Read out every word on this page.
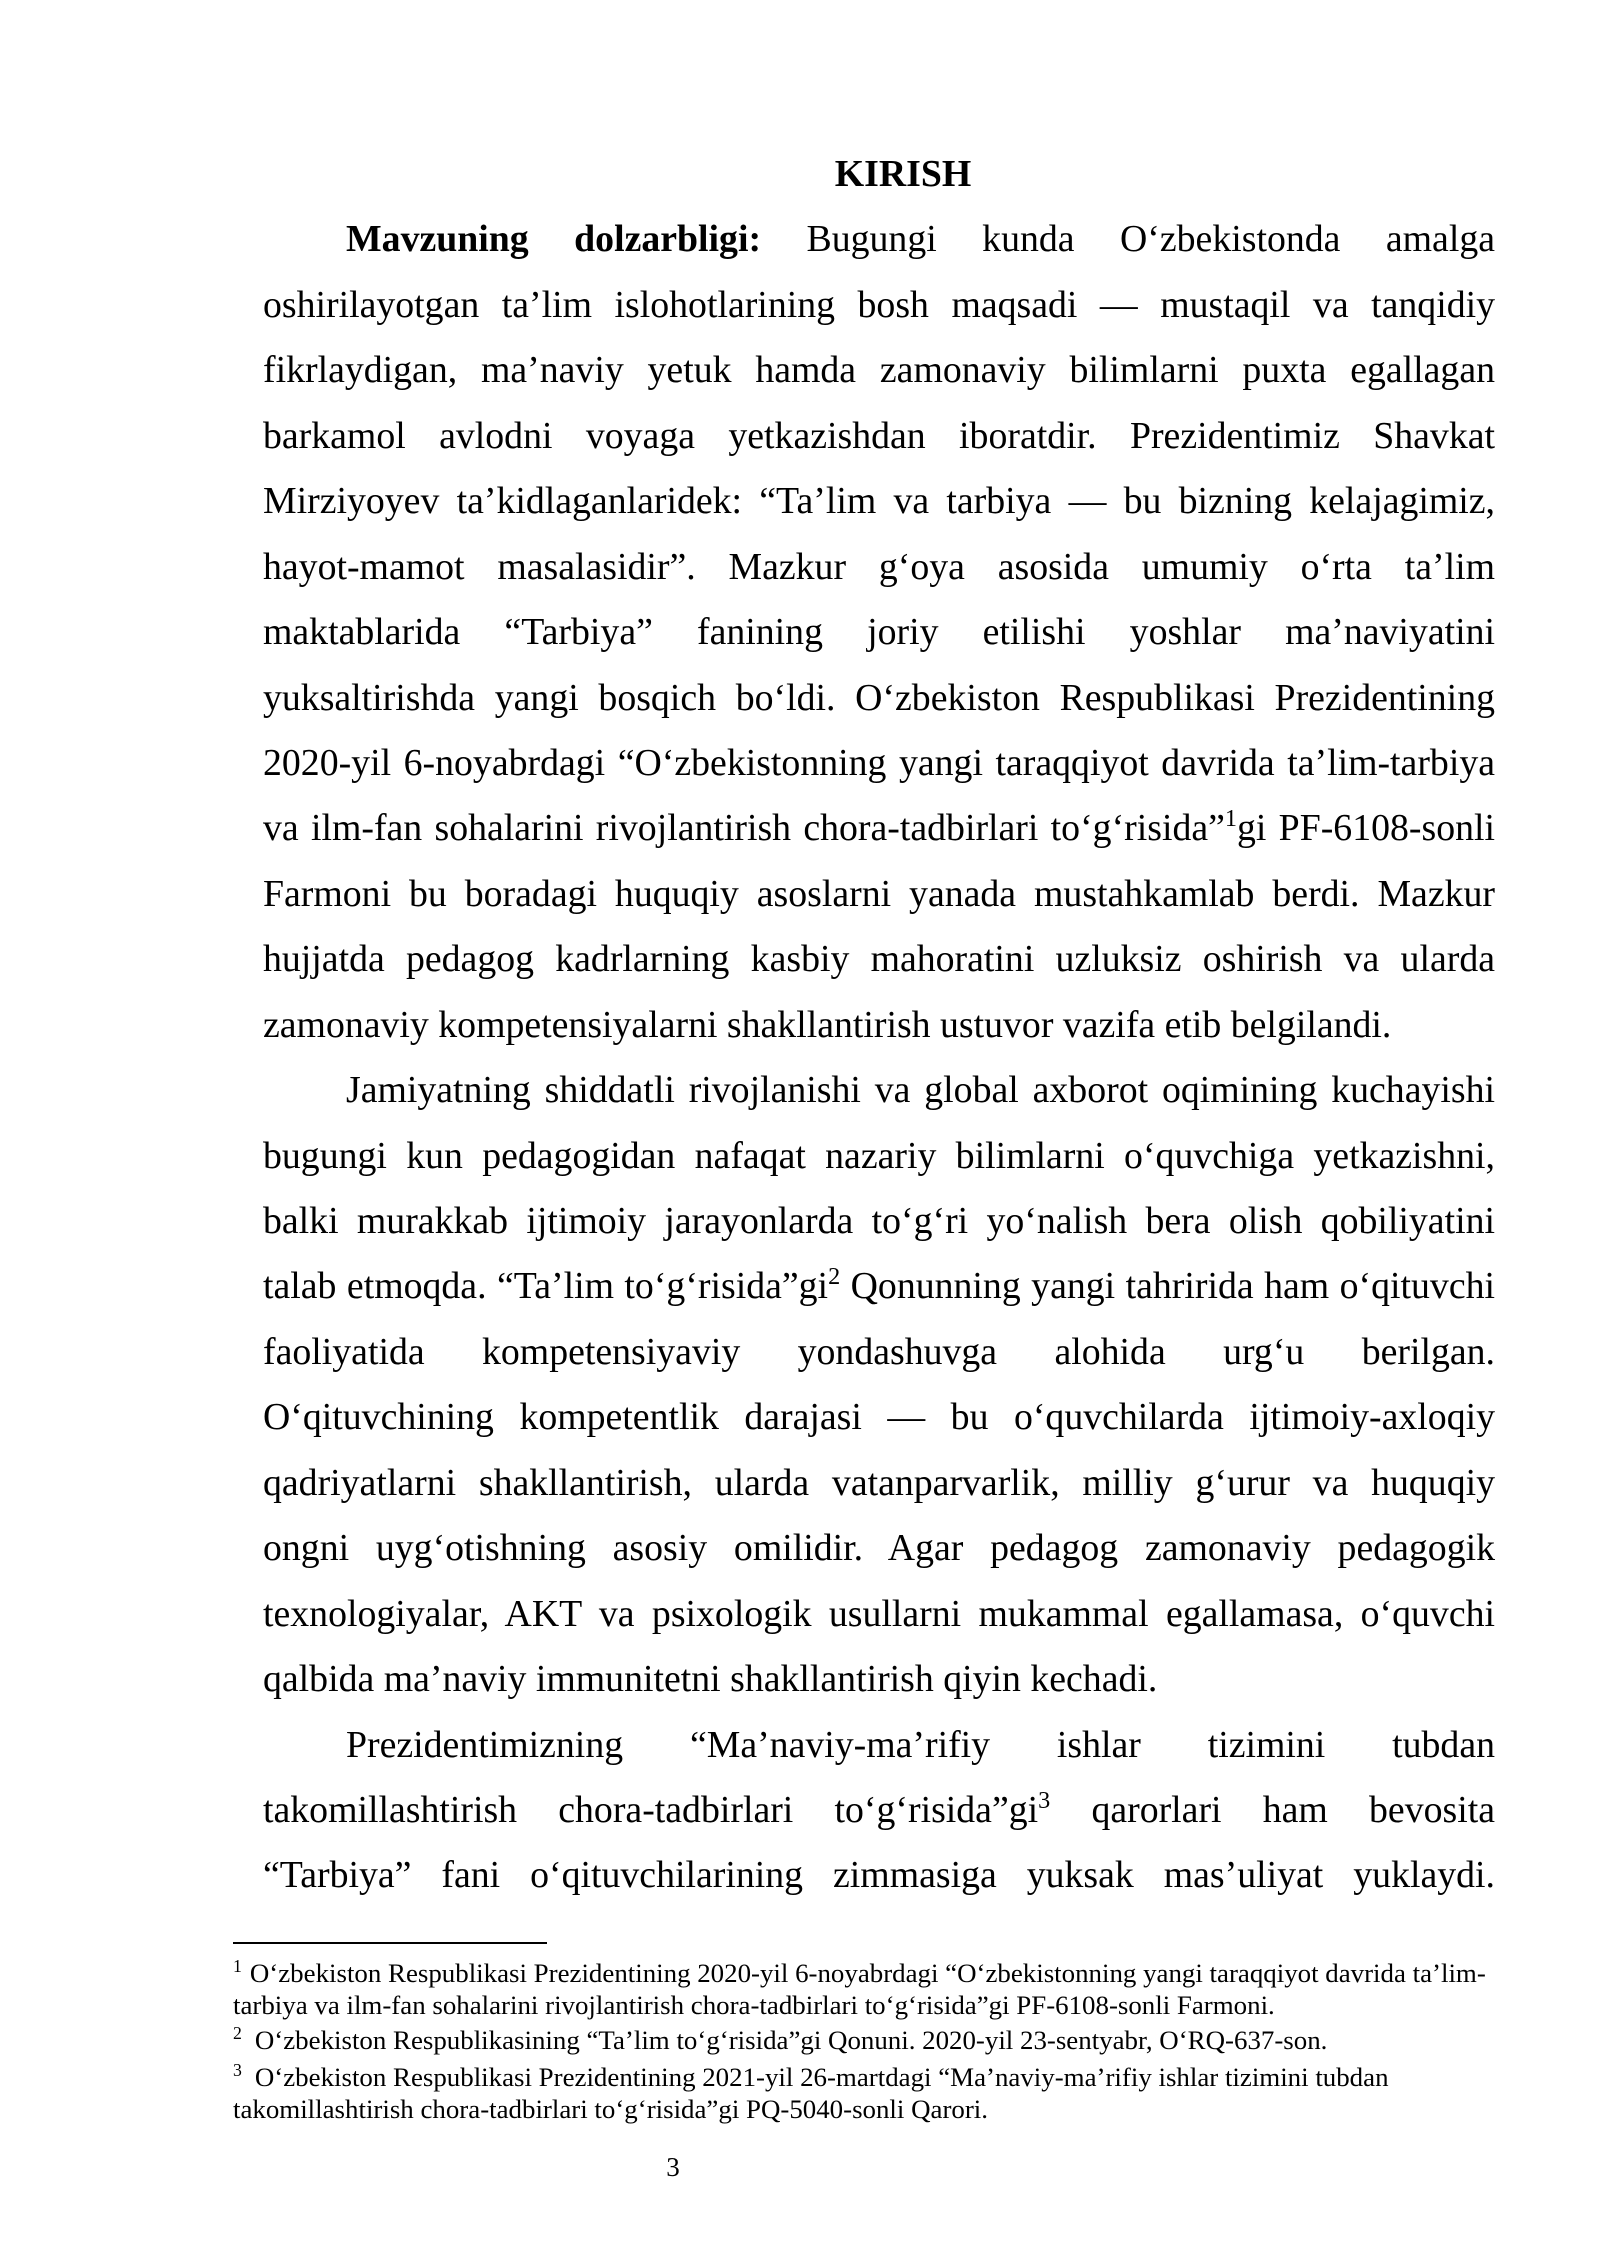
KIRISH
Mavzuning dolzarbligi: Bugungi kunda O‘zbekistonda amalga
oshirilayotgan ta’lim islohotlarining bosh maqsadi — mustaqil va tanqidiy
fikrlaydigan, ma’naviy yetuk hamda zamonaviy bilimlarni puxta egallagan
barkamol avlodni voyaga yetkazishdan iboratdir. Prezidentimiz Shavkat
Mirziyoyev ta’kidlaganlaridek: “Ta’lim va tarbiya — bu bizning kelajagimiz,
hayot-mamot masalasidir”. Mazkur g‘oya asosida umumiy o‘rta ta’lim
maktablarida “Tarbiya” fanining joriy etilishi yoshlar ma’naviyatini
yuksaltirishda yangi bosqich bo‘ldi. O‘zbekiston Respublikasi Prezidentining
2020-yil 6-noyabrdagi “O‘zbekistonning yangi taraqqiyot davrida ta’lim-tarbiya
va ilm-fan sohalarini rivojlantirish chora-tadbirlari to‘g‘risida”$^1$gi PF-6108-sonli
Farmoni bu boradagi huquqiy asoslarni yanada mustahkamlab berdi. Mazkur
hujjatda pedagog kadrlarning kasbiy mahoratini uzluksiz oshirish va ularda
zamonaviy kompetensiyalarni shakllantirish ustuvor vazifa etib belgilandi.
Jamiyatning shiddatli rivojlanishi va global axborot oqimining kuchayishi
bugungi kun pedagogidan nafaqat nazariy bilimlarni o‘quvchiga yetkazishni,
balki murakkab ijtimoiy jarayonlarda to‘g‘ri yo‘nalish bera olish qobiliyatini
talab etmoqda. “Ta’lim $to‘g‘risida”gi^2$ Qonunning yangi tahririda ham o‘qituvchi
faoliyatida kompetensiyaviy yondashuvga alohida urg‘u berilgan.
O‘qituvchining kompetentlik darajasi — bu o‘quvchilarda ijtimoiy-axloqiy
qadriyatlarni shakllantirish, ularda vatanparvarlik, milliy g‘urur va huquqiy
ongni uyg‘otishning asosiy omilidir. Agar pedagog zamonaviy pedagogik
texnologiyalar, AKT va psixologik usullarni mukammal egallamasa, o‘quvchi
qalbida ma’naviy immunitetni shakllantirish qiyin kechadi.
Prezidentimizning “Ma’naviy-ma’rifiy ishlar tizimini tubdan
takomillashtirish chora-tadbirlari $to‘g‘risida”gi^3$ qarorlari ham bevosita
“Tarbiya” fani o‘qituvchilarining zimmasiga yuksak mas’uliyat yuklaydi.
$^1$ O‘zbekiston Respublikasi Prezidentining 2020-yil 6-noyabrdagi “O‘zbekistonning yangi taraqqiyot davrida ta’lim-
tarbiya va ilm-fan sohalarini rivojlantirish chora-tadbirlari to‘g‘risida”gi PF-6108-sonli Farmoni.
$^2$ O‘zbekiston Respublikasining “Ta’lim to‘g‘risida”gi Qonuni. 2020-yil 23-sentyabr, O‘RQ-637-son.
$^3$ O‘zbekiston Respublikasi Prezidentining 2021-yil 26-martdagi “Ma’naviy-ma’rifiy ishlar tizimini tubdan
takomillashtirish chora-tadbirlari to‘g‘risida”gi PQ-5040-sonli Qarori.
3
